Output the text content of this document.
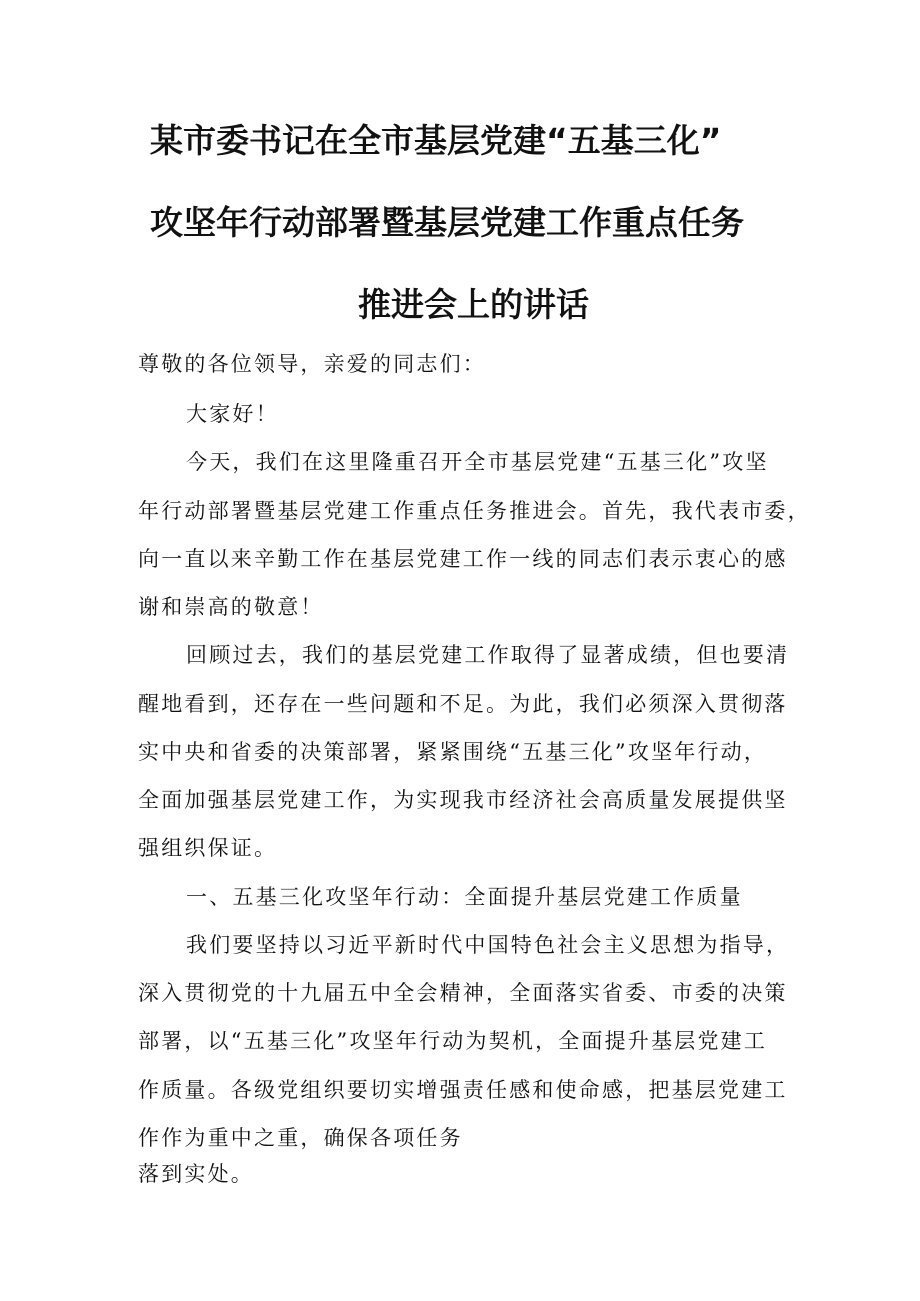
某市委书记在全市基层党建“五基三化”
攻坚年行动部署暨基层党建工作重点任务
推进会上的讲话
尊敬的各位领导，亲爱的同志们：
大家好！
今天，我们在这里隆重召开全市基层党建“五基三化”攻坚
年行动部署暨基层党建工作重点任务推进会。首先，我代表市委，
向一直以来辛勤工作在基层党建工作一线的同志们表示衷心的感
谢和崇高的敬意！
回顾过去，我们的基层党建工作取得了显著成绩，但也要清
醒地看到，还存在一些问题和不足。为此，我们必须深入贯彻落
实中央和省委的决策部署，紧紧围绕“五基三化”攻坚年行动，
全面加强基层党建工作，为实现我市经济社会高质量发展提供坚
强组织保证。
一、五基三化攻坚年行动：全面提升基层党建工作质量
我们要坚持以习近平新时代中国特色社会主义思想为指导，
深入贯彻党的十九届五中全会精神，全面落实省委、市委的决策
部署，以“五基三化”攻坚年行动为契机，全面提升基层党建工
作质量。各级党组织要切实增强责任感和使命感，把基层党建工
作作为重中之重，确保各项任务
落到实处。
